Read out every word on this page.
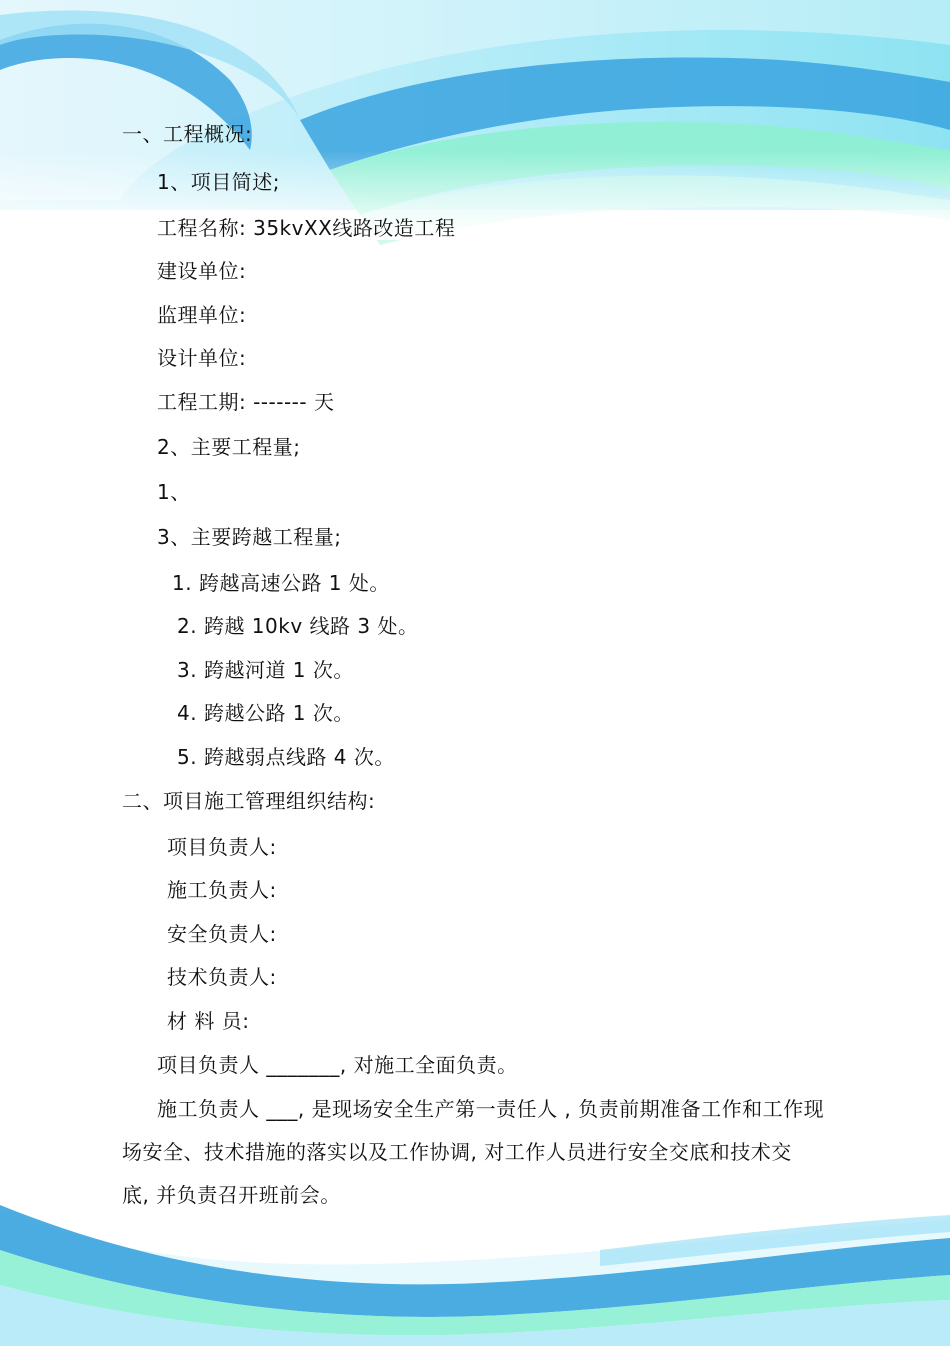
一、工程概况:
1、项目简述;
工程名称: 35kvXX线路改造工程
建设单位:
监理单位:
设计单位:
工程工期: ------- 天
2、主要工程量;
1、
3、主要跨越工程量;
1. 跨越高速公路 1 处。
2. 跨越 10kv 线路 3 处。
3. 跨越河道 1 次。
4. 跨越公路 1 次。
5. 跨越弱点线路 4 次。
二、项目施工管理组织结构:
项目负责人:
施工负责人:
安全负责人:
技术负责人:
材 料 员:
项目负责人 _______, 对施工全面负责。
施工负责人 ___, 是现场安全生产第一责任人 , 负责前期准备工作和工作现
场安全、技术措施的落实以及工作协调, 对工作人员进行安全交底和技术交
底, 并负责召开班前会。
